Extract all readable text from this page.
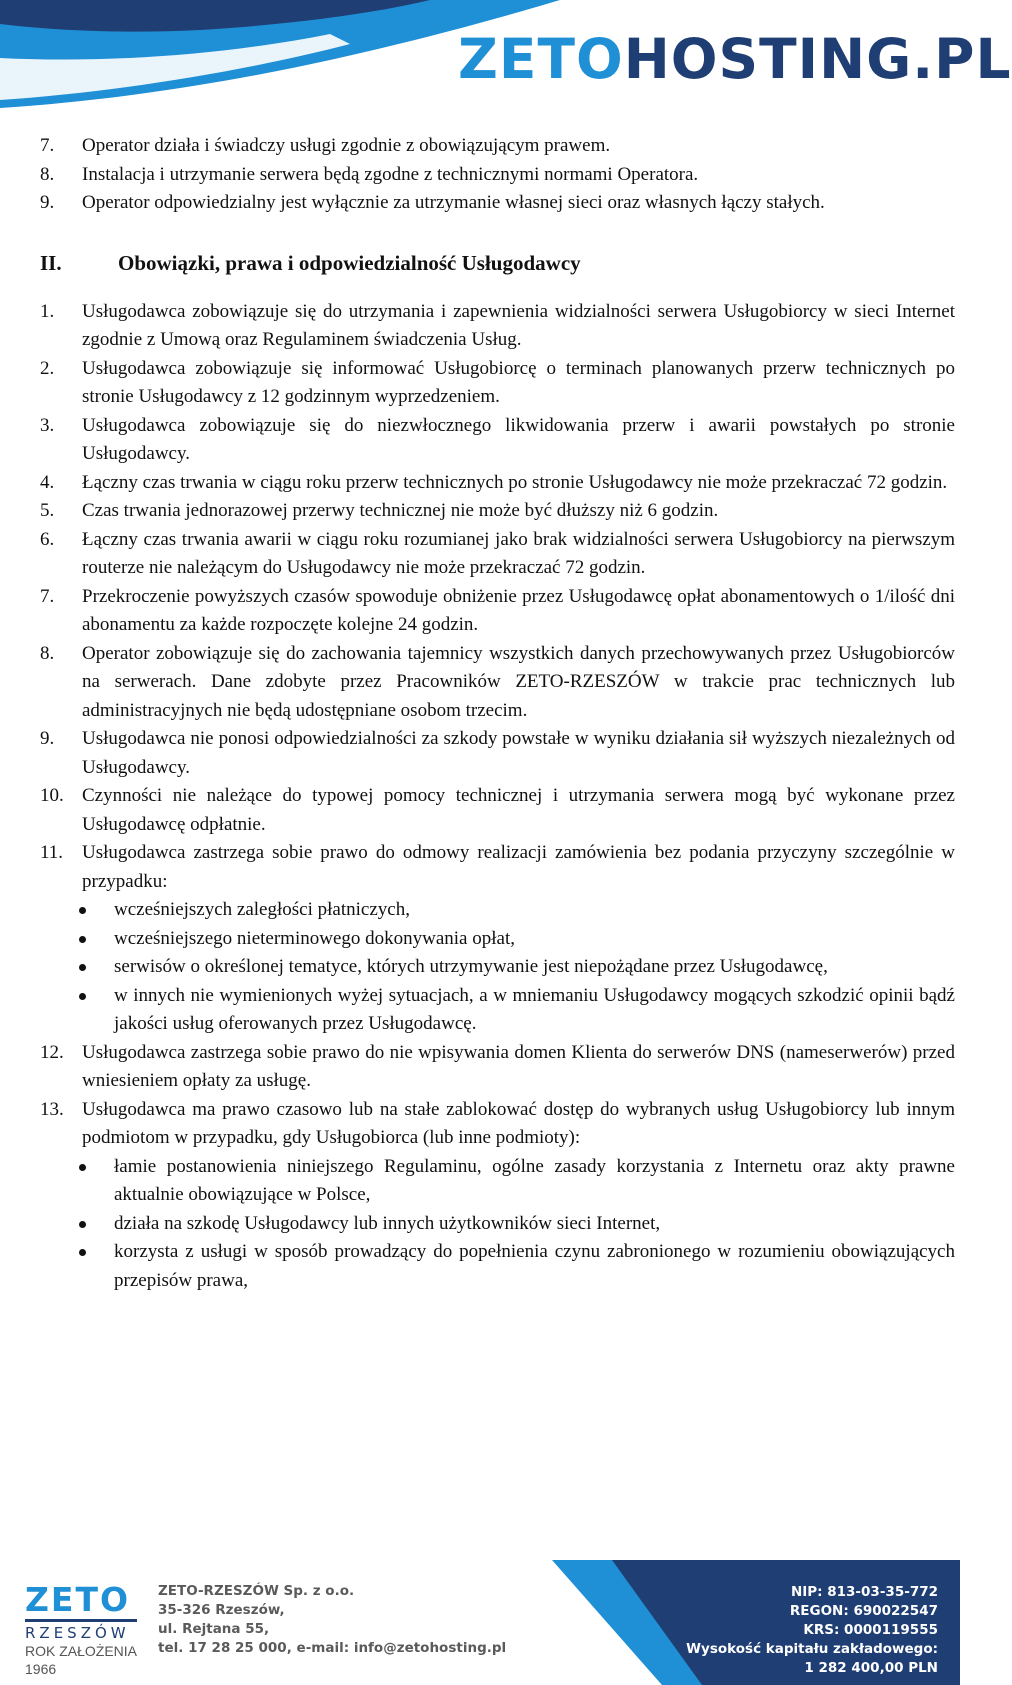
ZETOHOSTING.PL
7. Operator działa i świadczy usługi zgodnie z obowiązującym prawem.
8. Instalacja i utrzymanie serwera będą zgodne z technicznymi normami Operatora.
9. Operator odpowiedzialny jest wyłącznie za utrzymanie własnej sieci oraz własnych łączy stałych.
II.	Obowiązki, prawa i odpowiedzialność Usługodawcy
1. Usługodawca zobowiązuje się do utrzymania i zapewnienia widzialności serwera Usługobiorcy w sieci Internet zgodnie z Umową oraz Regulaminem świadczenia Usług.
2. Usługodawca zobowiązuje się informować Usługobiorcę o terminach planowanych przerw technicznych po stronie Usługodawcy z 12 godzinnym wyprzedzeniem.
3. Usługodawca zobowiązuje się do niezwłocznego likwidowania przerw i awarii powstałych po stronie Usługodawcy.
4. Łączny czas trwania w ciągu roku przerw technicznych po stronie Usługodawcy nie może przekraczać 72 godzin.
5. Czas trwania jednorazowej przerwy technicznej nie może być dłuższy niż 6 godzin.
6. Łączny czas trwania awarii w ciągu roku rozumianej jako brak widzialności serwera Usługobiorcy na pierwszym routerze nie należącym do Usługodawcy nie może przekraczać 72 godzin.
7. Przekroczenie powyższych czasów spowoduje obniżenie przez Usługodawcę opłat abonamentowych o 1/ilość dni abonamentu za każde rozpoczęte kolejne 24 godzin.
8. Operator zobowiązuje się do zachowania tajemnicy wszystkich danych przechowywanych przez Usługobiorców na serwerach. Dane zdobyte przez Pracowników ZETO-RZESZÓW w trakcie prac technicznych lub administracyjnych nie będą udostępniane osobom trzecim.
9. Usługodawca nie ponosi odpowiedzialności za szkody powstałe w wyniku działania sił wyższych niezależnych od Usługodawcy.
10. Czynności nie należące do typowej pomocy technicznej i utrzymania serwera mogą być wykonane przez Usługodawcę odpłatnie.
11. Usługodawca zastrzega sobie prawo do odmowy realizacji zamówienia bez podania przyczyny szczególnie w przypadku:
wcześniejszych zaległości płatniczych,
wcześniejszego nieterminowego dokonywania opłat,
serwisów o określonej tematyce, których utrzymywanie jest niepożądane przez Usługodawcę,
w innych nie wymienionych wyżej sytuacjach, a w mniemaniu Usługodawcy mogących szkodzić opinii bądź jakości usług oferowanych przez Usługodawcę.
12. Usługodawca zastrzega sobie prawo do nie wpisywania domen Klienta do serwerów DNS (nameserwerów) przed wniesieniem opłaty za usługę.
13. Usługodawca ma prawo czasowo lub na stałe zablokować dostęp do wybranych usług Usługobiorcy lub innym podmiotom w przypadku, gdy Usługobiorca (lub inne podmioty):
łamie postanowienia niniejszego Regulaminu, ogólne zasady korzystania z Internetu oraz akty prawne aktualnie obowiązujące w Polsce,
działa na szkodę Usługodawcy lub innych użytkowników sieci Internet,
korzysta z usługi w sposób prowadzący do popełnienia czynu zabronionego w rozumieniu obowiązujących przepisów prawa,
ZETO
RZESZÓW
ROK ZAŁOŻENIA 1966
ZETO-RZESZÓW Sp. z o.o.
35-326 Rzeszów,
ul. Rejtana 55,
tel. 17 28 25 000, e-mail: info@zetohosting.pl
NIP: 813-03-35-772
REGON: 690022547
KRS: 0000119555
Wysokość kapitału zakładowego:
1 282 400,00 PLN
